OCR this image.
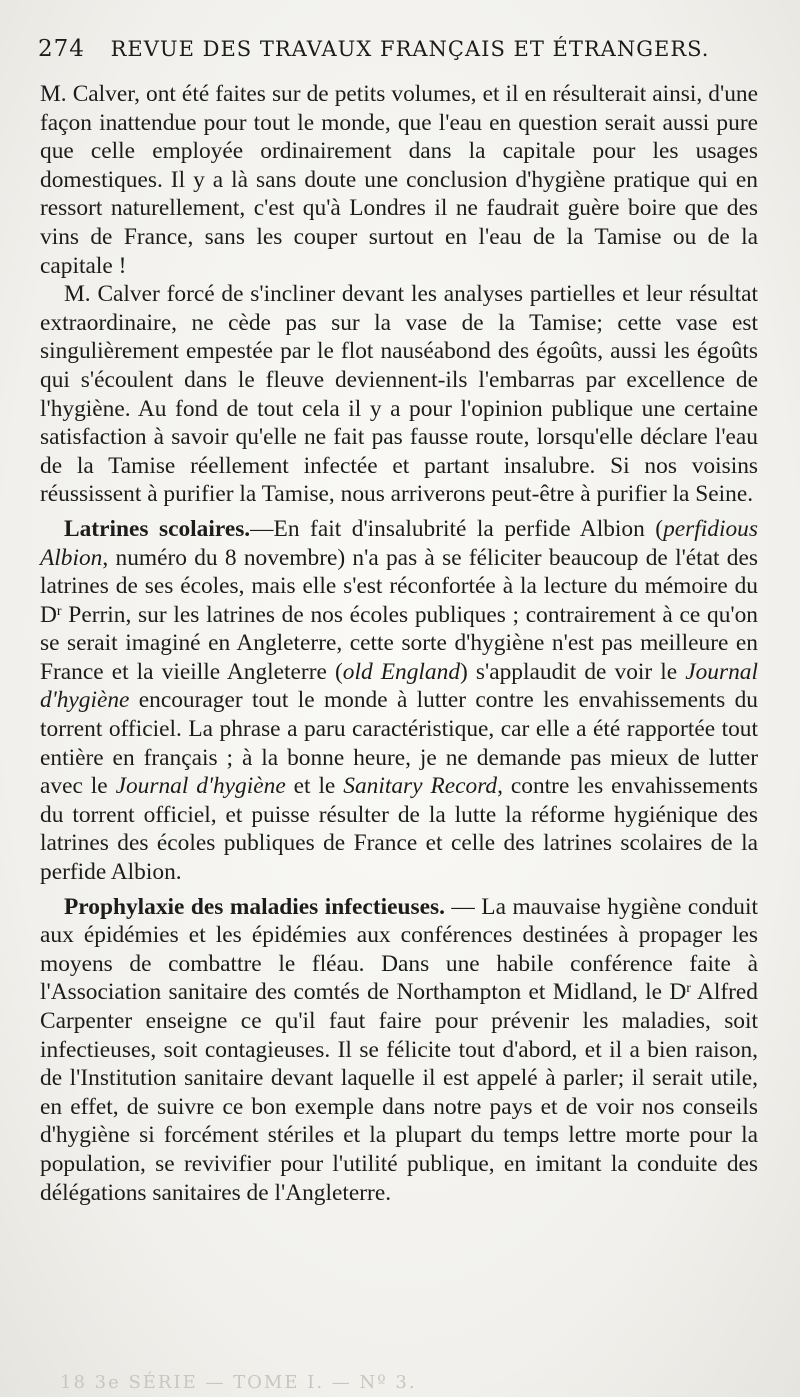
274 REVUE DES TRAVAUX FRANÇAIS ET ÉTRANGERS.

M. Calver, ont été faites sur de petits volumes, et il en résulterait ainsi, d'une façon inattendue pour tout le monde, que l'eau en question serait aussi pure que celle employée ordinairement dans la capitale pour les usages domestiques. Il y a là sans doute une conclusion d'hygiène pratique qui en ressort naturellement, c'est qu'à Londres il ne faudrait guère boire que des vins de France, sans les couper surtout en l'eau de la Tamise ou de la capitale !

M. Calver forcé de s'incliner devant les analyses partielles et leur résultat extraordinaire, ne cède pas sur la vase de la Tamise; cette vase est singulièrement empestée par le flot nauséabond des égoûts, aussi les égoûts qui s'écoulent dans le fleuve deviennent-ils l'embarras par excellence de l'hygiène. Au fond de tout cela il y a pour l'opinion publique une certaine satisfaction à savoir qu'elle ne fait pas fausse route, lorsqu'elle déclare l'eau de la Tamise réellement infectée et partant insalubre. Si nos voisins réussissent à purifier la Tamise, nous arriverons peut-être à purifier la Seine.

Latrines scolaires.—En fait d'insalubrité la perfide Albion (perfidious Albion, numéro du 8 novembre) n'a pas à se féliciter beaucoup de l'état des latrines de ses écoles, mais elle s'est réconfortée à la lecture du mémoire du $D^r$ Perrin, sur les latrines de nos écoles publiques ; contrairement à ce qu'on se serait imaginé en Angleterre, cette sorte d'hygiène n'est pas meilleure en France et la vieille Angleterre (old England) s'applaudit de voir le Journal d'hygiène encourager tout le monde à lutter contre les envahissements du torrent officiel. La phrase a paru caractéristique, car elle a été rapportée tout entière en français ; à la bonne heure, je ne demande pas mieux de lutter avec le Journal d'hygiène et le Sanitary Record, contre les envahissements du torrent officiel, et puisse résulter de la lutte la réforme hygiénique des latrines des écoles publiques de France et celle des latrines scolaires de la perfide Albion.

Prophylaxie des maladies infectieuses. — La mauvaise hygiène conduit aux épidémies et les épidémies aux conférences destinées à propager les moyens de combattre le fléau. Dans une habile conférence faite à l'Association sanitaire des comtés de Northampton et Midland, le $D^r$ Alfred Carpenter enseigne ce qu'il faut faire pour prévenir les maladies, soit infectieuses, soit contagieuses. Il se félicite tout d'abord, et il a bien raison, de l'Institution sanitaire devant laquelle il est appelé à parler; il serait utile, en effet, de suivre ce bon exemple dans notre pays et de voir nos conseils d'hygiène si forcément stériles et la plupart du temps lettre morte pour la population, se revivifier pour l'utilité publique, en imitant la conduite des délégations sanitaires de l'Angleterre.

18 3e SÉRIE — TOME I. — Nº 3.
